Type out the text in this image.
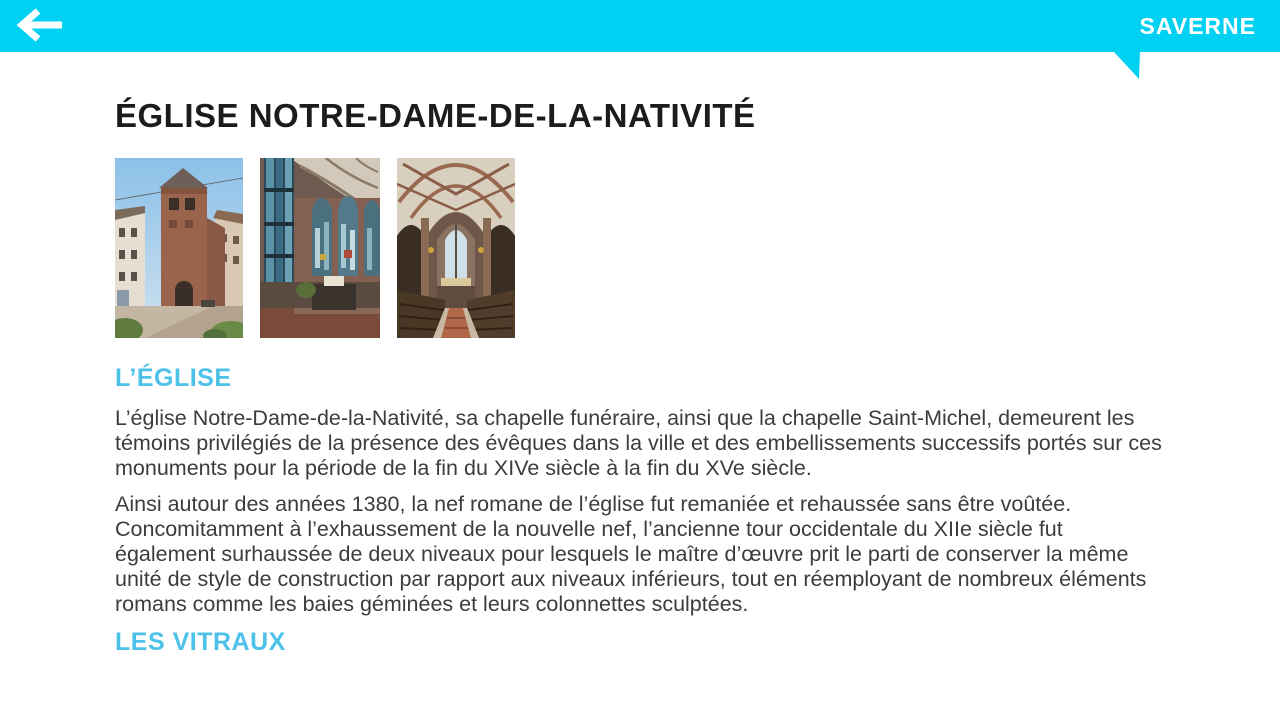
SAVERNE
ÉGLISE NOTRE-DAME-DE-LA-NATIVITÉ
L’ÉGLISE

L’église Notre-Dame-de-la-Nativité, sa chapelle funéraire, ainsi que la chapelle Saint-Michel, demeurent les témoins privilégiés de la présence des évêques dans la ville et des embellissements successifs portés sur ces monuments pour la période de la fin du XIVe siècle à la fin du XVe siècle.

Ainsi autour des années 1380, la nef romane de l’église fut remaniée et rehaussée sans être voûtée. Concomitamment à l’exhaussement de la nouvelle nef, l’ancienne tour occidentale du XIIe siècle fut également surhaussée de deux niveaux pour lesquels le maître d’œuvre prit le parti de conserver la même unité de style de construction par rapport aux niveaux inférieurs, tout en réemployant de nombreux éléments romans comme les baies géminées et leurs colonnettes sculptées.

LES VITRAUX
